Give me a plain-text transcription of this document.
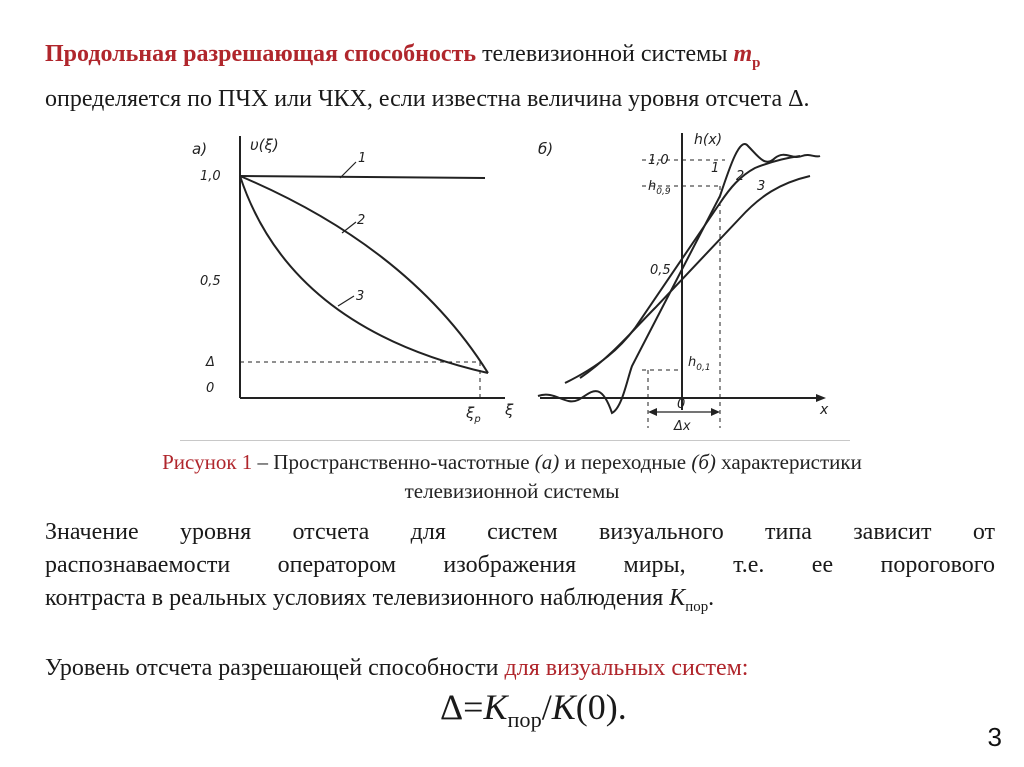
Продольная разрешающая способность телевизионной системы $m_р$
определяется по ПЧХ или ЧКХ, если известна величина уровня отсчета Δ.
а)	υ(ξ)
1,0
0,5
Δ
0
$\xi_р$
ξ
1
2
3
б)	h(x)
1,0
$h_{0,9}$
0,5
$h_{0,1}$
0
Δx
x
1
2
3
Рисунок 1 – Пространственно-частотные (а) и переходные (б) характеристики
телевизионной системы
Значение уровня отсчета для систем визуального типа зависит от
распознаваемости оператором изображения миры, т.е. ее порогового
контраста в реальных условиях телевизионного наблюдения $K_{пор}$.
Уровень отсчета разрешающей способности для визуальных систем:
$\Delta=K_{пор}/K(0)$.
3
